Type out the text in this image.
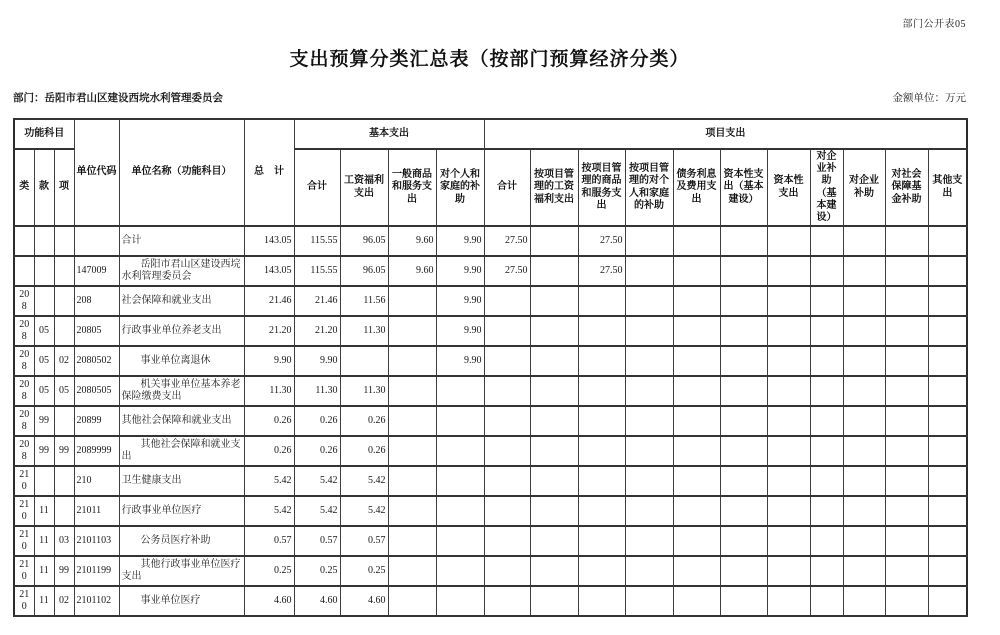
部门公开表05
支出预算分类汇总表（按部门预算经济分类）
部门：岳阳市君山区建设西垸水利管理委员会	金额单位：万元
功能科目			单位代码	单位名称（功能科目）	总　计	基本支出				项目支出										
类	款	项				合计	工资福利支出	一般商品和服务支出	对个人和家庭的补助	合计	按项目管理的工资福利支出	按项目管理的商品和服务支出	按项目管理的对个人和家庭的补助	债务利息及费用支出	资本性支出（基本建设）	资本性支出	对企业补助（基本建设）	对企业补助	对社会保障基金补助	其他支出
				合计	143.05	115.55	96.05	9.60	9.90	27.50		27.50								
			147009	岳阳市君山区建设西垸水利管理委员会	143.05	115.55	96.05	9.60	9.90	27.50		27.50								
208			208	社会保障和就业支出	21.46	21.46	11.56		9.90											
208	05		20805	行政事业单位养老支出	21.20	21.20	11.30		9.90											
208	05	02	2080502	事业单位离退休	9.90	9.90			9.90											
208	05	05	2080505	机关事业单位基本养老保险缴费支出	11.30	11.30	11.30													
208	99		20899	其他社会保障和就业支出	0.26	0.26	0.26													
208	99	99	2089999	其他社会保障和就业支出	0.26	0.26	0.26													
210			210	卫生健康支出	5.42	5.42	5.42													
210	11		21011	行政事业单位医疗	5.42	5.42	5.42													
210	11	03	2101103	公务员医疗补助	0.57	0.57	0.57													
210	11	99	2101199	其他行政事业单位医疗支出	0.25	0.25	0.25													
210	11	02	2101102	事业单位医疗	4.60	4.60	4.60													
